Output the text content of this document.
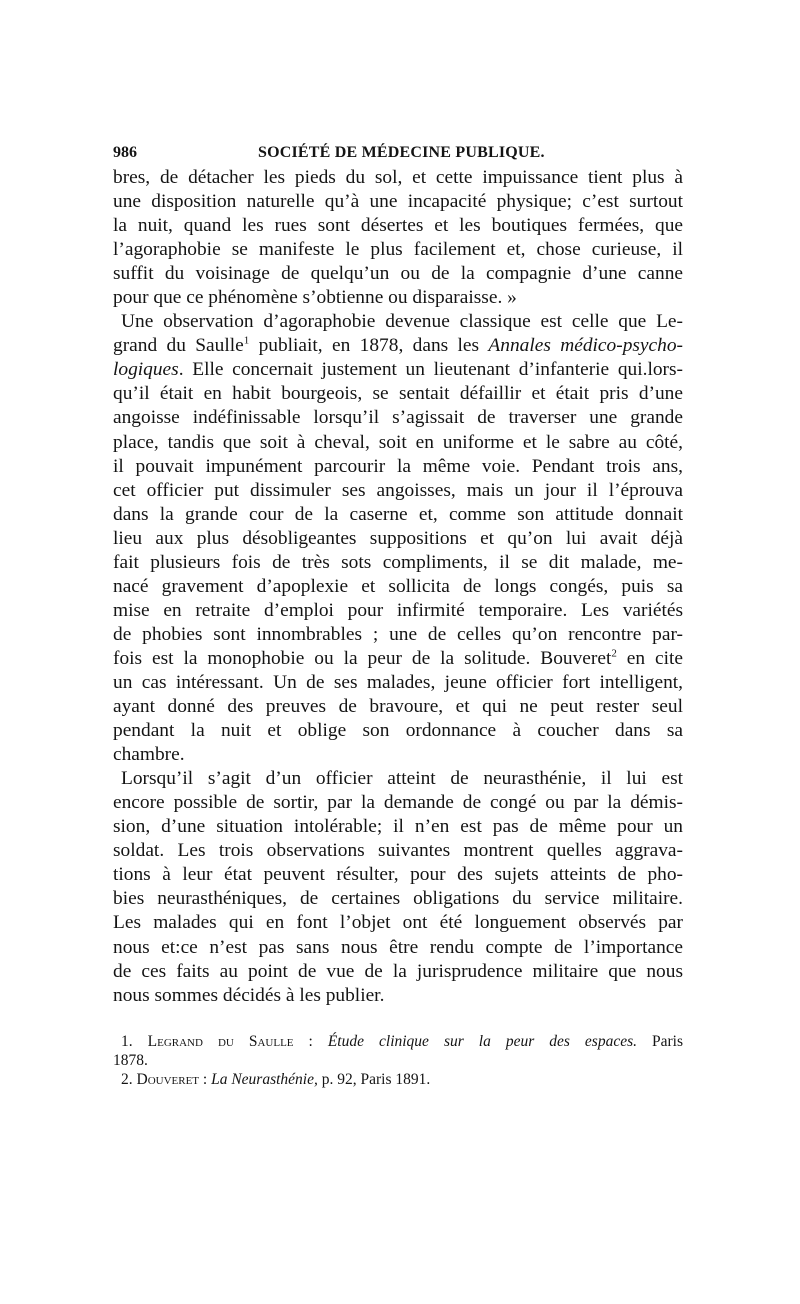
986	SOCIÉTÉ DE MÉDECINE PUBLIQUE.
bres, de détacher les pieds du sol, et cette impuissance tient plus à
une disposition naturelle qu’à une incapacité physique; c’est surtout
la nuit, quand les rues sont désertes et les boutiques fermées, que
l’agoraphobie se manifeste le plus facilement et, chose curieuse, il
suffit du voisinage de quelqu’un ou de la compagnie d’une canne
pour que ce phénomène s’obtienne ou disparaisse. »
Une observation d’agoraphobie devenue classique est celle que Le-
grand du Saulle$^1$ publiait, en 1878, dans les Annales médico-psycho-
logiques. Elle concernait justement un lieutenant d’infanterie qui.lors-
qu’il était en habit bourgeois, se sentait défaillir et était pris d’une
angoisse indéfinissable lorsqu’il s’agissait de traverser une grande
place, tandis que soit à cheval, soit en uniforme et le sabre au côté,
il pouvait impunément parcourir la même voie. Pendant trois ans,
cet officier put dissimuler ses angoisses, mais un jour il l’éprouva
dans la grande cour de la caserne et, comme son attitude donnait
lieu aux plus désobligeantes suppositions et qu’on lui avait déjà
fait plusieurs fois de très sots compliments, il se dit malade, me-
nacé gravement d’apoplexie et sollicita de longs congés, puis sa
mise en retraite d’emploi pour infirmité temporaire. Les variétés
de phobies sont innombrables ; une de celles qu’on rencontre par-
fois est la monophobie ou la peur de la solitude. Bouveret$^2$ en cite
un cas intéressant. Un de ses malades, jeune officier fort intelligent,
ayant donné des preuves de bravoure, et qui ne peut rester seul
pendant la nuit et oblige son ordonnance à coucher dans sa
chambre.
Lorsqu’il s’agit d’un officier atteint de neurasthénie, il lui est
encore possible de sortir, par la demande de congé ou par la démis-
sion, d’une situation intolérable; il n’en est pas de même pour un
soldat. Les trois observations suivantes montrent quelles aggrava-
tions à leur état peuvent résulter, pour des sujets atteints de pho-
bies neurasthéniques, de certaines obligations du service militaire.
Les malades qui en font l’objet ont été longuement observés par
nous et:ce n’est pas sans nous être rendu compte de l’importance
de ces faits au point de vue de la jurisprudence militaire que nous
nous sommes décidés à les publier.
1. Legrand du Saulle : Étude clinique sur la peur des espaces. Paris
1878.
2. Douveret : La Neurasthénie, p. 92, Paris 1891.
